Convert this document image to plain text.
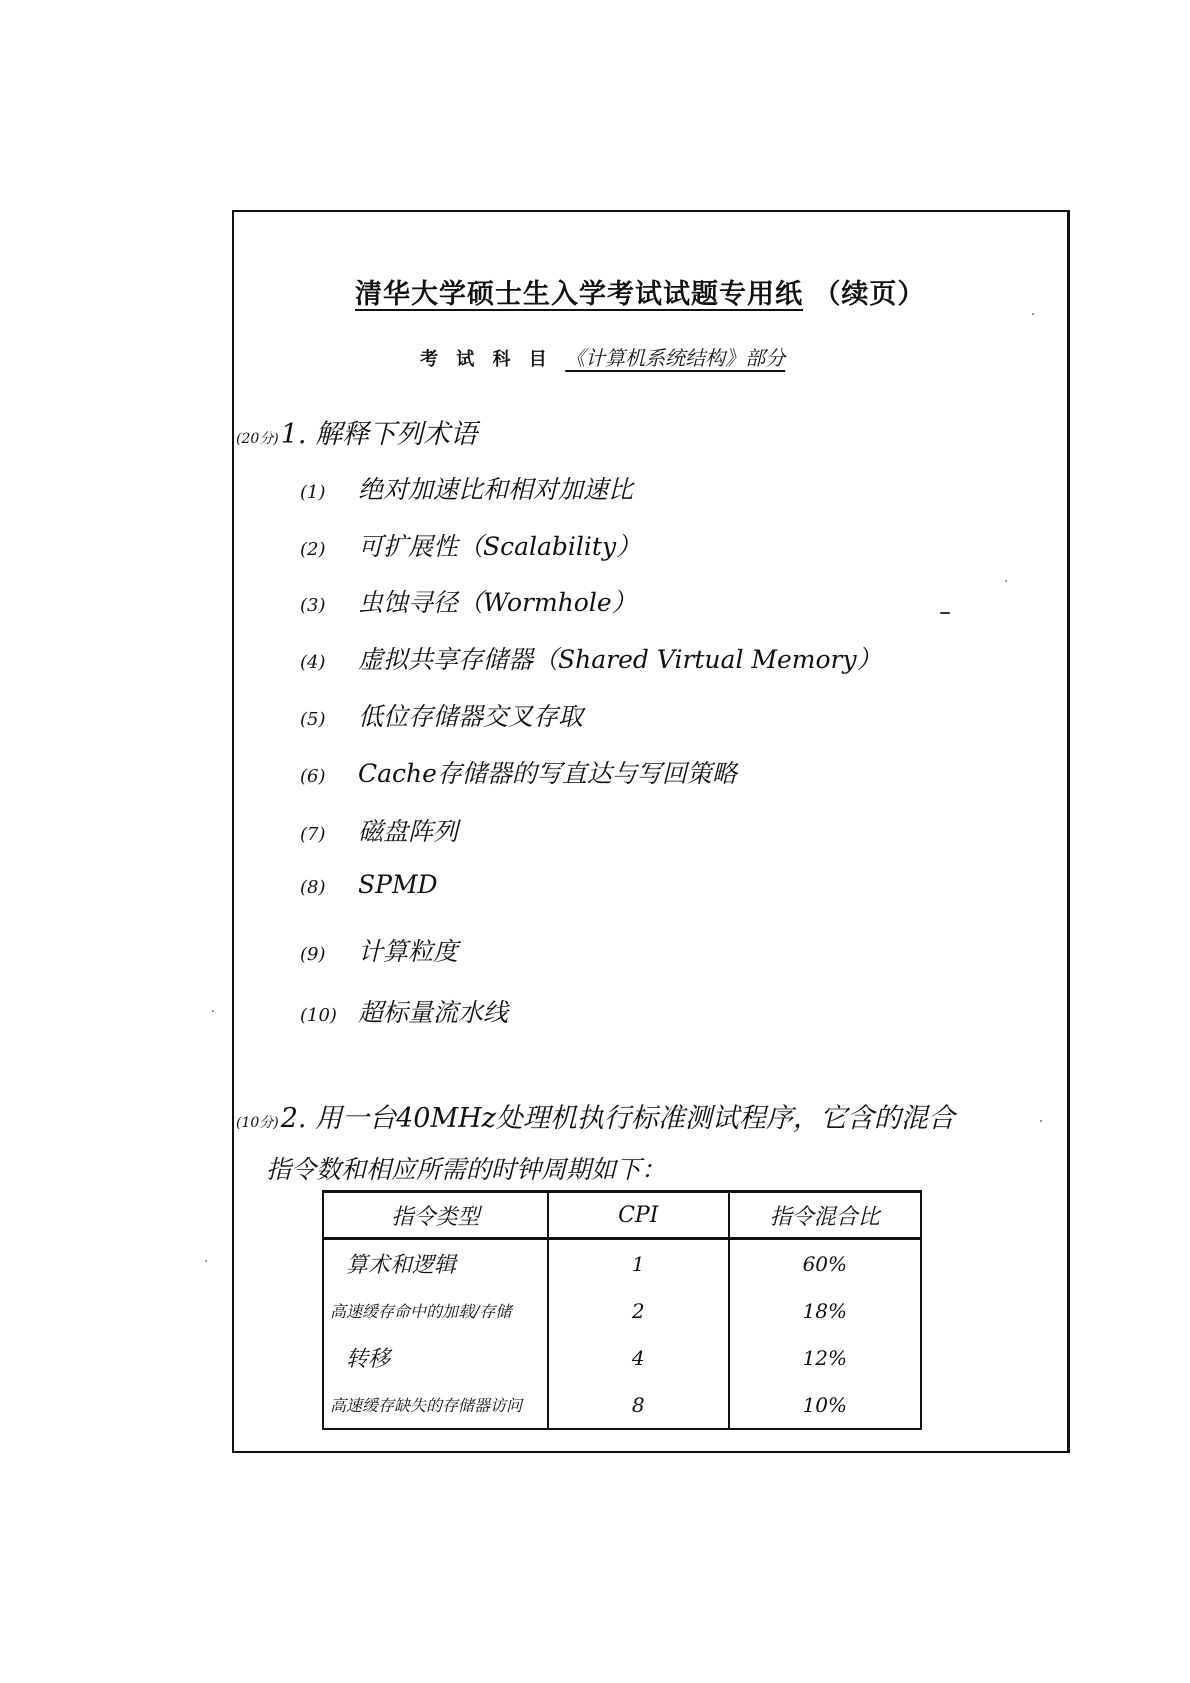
清华大学硕士生入学考试试题专用纸 （续页）
考 试 科 目 《计算机系统结构》部分
(20分)1. 解释下列术语
(1) 绝对加速比和相对加速比
(2) 可扩展性（Scalability）
(3) 虫蚀寻径（Wormhole）
(4) 虚拟共享存储器（Shared Virtual Memory）
(5) 低位存储器交叉存取
(6) Cache存储器的写直达与写回策略
(7) 磁盘阵列
(8) SPMD
(9) 计算粒度
(10) 超标量流水线
(10分)2. 用一台40MHz处理机执行标准测试程序，它含的混合
指令数和相应所需的时钟周期如下：
指令类型	CPI	指令混合比
算术和逻辑	1	60%
高速缓存命中的加载/存储	2	18%
转移	4	12%
高速缓存缺失的存储器访问	8	10%
